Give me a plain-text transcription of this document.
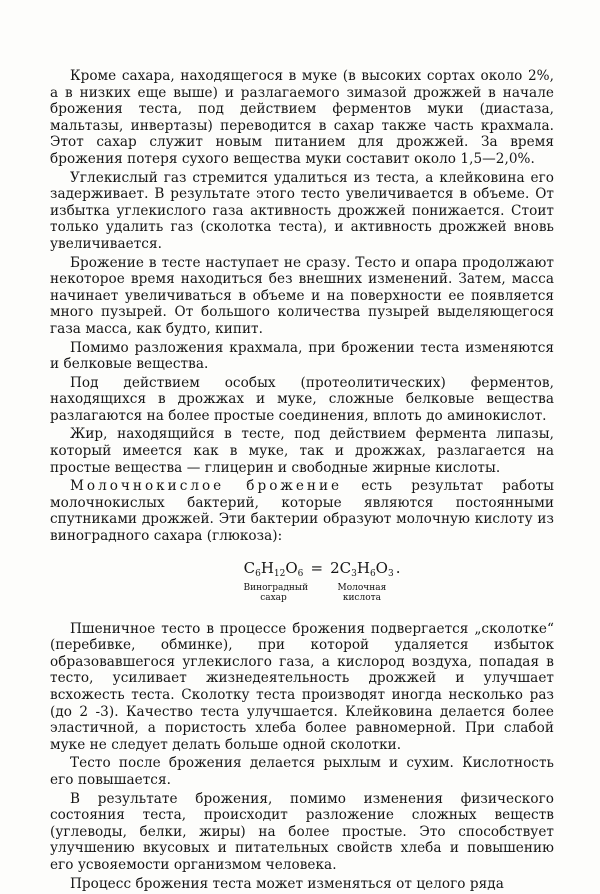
Кроме сахара, находящегося в муке (в высоких сортах около 2%, а в низких еще выше) и разлагаемого зимазой дрожжей в начале брожения теста, под действием ферментов муки (диастаза, мальтазы, инвертазы) переводится в сахар также часть крахмала. Этот сахар служит новым питанием для дрожжей. За время брожения потеря сухого вещества муки составит около 1,5—2,0%.

Углекислый газ стремится удалиться из теста, а клейковина его задерживает. В результате этого тесто увеличивается в объеме. От избытка углекислого газа активность дрожжей понижается. Стоит только удалить газ (сколотка теста), и активность дрожжей вновь увеличивается.

Брожение в тесте наступает не сразу. Тесто и опара продолжают некоторое время находиться без внешних изменений. Затем, масса начинает увеличиваться в объеме и на поверхности ее появляется много пузырей. От большого количества пузырей выделяющегося газа масса, как будто, кипит.

Помимо разложения крахмала, при брожении теста изменяются и белковые вещества.

Под действием особых (протеолитических) ферментов, находящихся в дрожжах и муке, сложные белковые вещества разлагаются на более простые соединения, вплоть до аминокислот.

Жир, находящийся в тесте, под действием фермента липазы, который имеется как в муке, так и дрожжах, разлагается на простые вещества — глицерин и свободные жирные кислоты.

Молочнокислое брожение есть результат работы молочнокислых бактерий, которые являются постоянными спутниками дрожжей. Эти бактерии образуют молочную кислоту из виноградного сахара (глюкоза):

$C_6H_{12}O_6$
Виноградный сахар
= $2C_3H_6O_3$
Молочная кислота
.

Пшеничное тесто в процессе брожения подвергается „сколотке“ (перебивке, обминке), при которой удаляется избыток образовавшегося углекислого газа, а кислород воздуха, попадая в тесто, усиливает жизнедеятельность дрожжей и улучшает всхожесть теста. Сколотку теста производят иногда несколько раз (до 2 -3). Качество теста улучшается. Клейковина делается более эластичной, а пористость хлеба более равномерной. При слабой муке не следует делать больше одной сколотки.

Тесто после брожения делается рыхлым и сухим. Кислотность его повышается.

В результате брожения, помимо изменения физического состояния теста, происходит разложение сложных веществ (углеводы, белки, жиры) на более простые. Это способствует улучшению вкусовых и питательных свойств хлеба и повышению его усвояемости организмом человека.

Процесс брожения теста может изменяться от целого ряда
